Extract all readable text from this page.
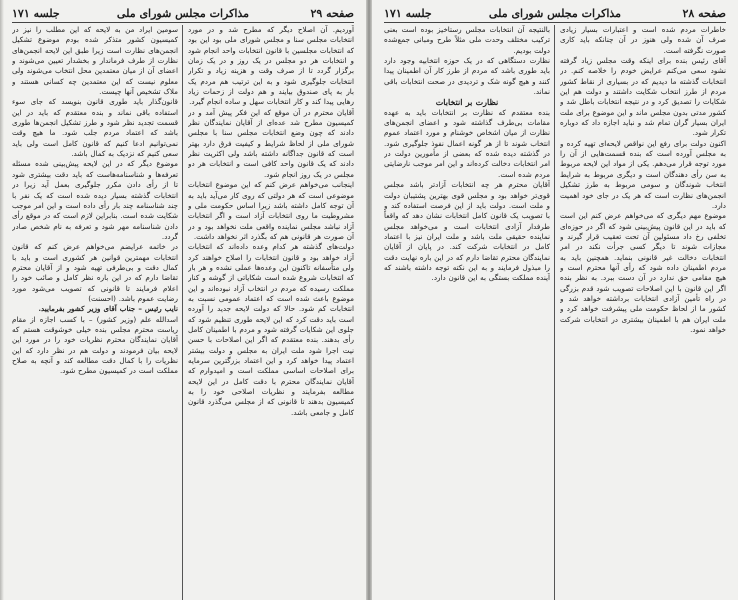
صفحه ۲۹
مذاکرات مجلس شورای ملی
جلسه ۱۷۱

آوردیم. آن اصلاح دیگر که مطرح شد و در مورد انتخابات مجلس سنا و مجلس شورای ملی بود این بود که انتخابات مجلسین با قانون انتخابات واحد انجام شود و انتخابات هر دو مجلس در یک روز و در یک زمان برگزار گردد تا از صرف وقت و هزینه زیاد و تکرار انتخابات جلوگیری شود و به این ترتیب هم مردم یک بار به پای صندوق بیایند و هم دولت از زحمات زیاد رهایی پیدا کند و کار انتخابات سهل و ساده انجام گیرد.

آقایان محترم در آن موقع که این فکر پیش آمد و در کمیسیون مطرح شد عده‌ای از آقایان نمایندگان نظر دادند که چون وضع انتخابات مجلس سنا با مجلس شورای ملی از لحاظ شرایط و کیفیت فرق دارد بهتر است که قانون جداگانه داشته باشد ولی اکثریت نظر دادند که یک قانون واحد کافی است و انتخابات هر دو مجلس در یک روز انجام شود.

اینجانب می‌خواهم عرض کنم که این موضوع انتخابات موضوعی است که هر دولتی که روی کار می‌آید باید به آن توجه کامل داشته باشد زیرا اساس حکومت ملی و مشروطیت ما روی انتخابات آزاد است و اگر انتخابات آزاد نباشد مجلس نماینده واقعی ملت نخواهد بود و در آن صورت هر قانونی هم که بگذرد اثر نخواهد داشت.

دولت‌های گذشته هر کدام وعده داده‌اند که انتخابات آزاد خواهد بود و قانون انتخابات را اصلاح خواهند کرد ولی متأسفانه تاکنون این وعده‌ها عملی نشده و هر بار که انتخابات شروع شده است شکایاتی از گوشه و کنار مملکت رسیده که مردم در انتخاب آزاد نبوده‌اند و این موضوع باعث شده است که اعتماد عمومی نسبت به انتخابات کم شود. حالا که دولت لایحه جدید را آورده است باید دقت کرد که این لایحه طوری تنظیم شود که جلوی این شکایات گرفته شود و مردم با اطمینان کامل رأی بدهند. بنده معتقدم که اگر این اصلاحات با حسن نیت اجرا شود ملت ایران به مجلس و دولت بیشتر اعتماد پیدا خواهد کرد و این اعتماد بزرگترین سرمایه برای اصلاحات اساسی مملکت است و امیدوارم که آقایان نمایندگان محترم با دقت کامل در این لایحه مطالعه بفرمایند و نظریات اصلاحی خود را به کمیسیون بدهند تا قانونی که از مجلس می‌گذرد قانون کامل و جامعی باشد.

سومین ایراد من به لایحه که این مطلب را نیز در کمیسیون کشور متذکر شده بودم موضوع تشکیل انجمن‌های نظارت است زیرا طبق این لایحه انجمن‌های نظارت از طرف فرماندار و بخشدار تعیین می‌شوند و اعضای آن از میان معتمدین محل انتخاب می‌شوند ولی معلوم نیست که این معتمدین چه کسانی هستند و ملاک تشخیص آنها چیست.

قانون‌گذار باید طوری قانون بنویسد که جای سوء استفاده باقی نماند و بنده معتقدم که باید در این قسمت تجدید نظر شود و طرز تشکیل انجمن‌ها طوری باشد که اعتماد مردم جلب شود. ما هیچ وقت نمی‌توانیم ادعا کنیم که قانون کامل است ولی باید سعی کنیم که نزدیک به کمال باشد.

موضوع دیگر که در این لایحه پیش‌بینی شده مسئله تعرفه‌ها و شناسنامه‌هاست که باید دقت بیشتری شود تا از رأی دادن مکرر جلوگیری بعمل آید زیرا در انتخابات گذشته بسیار دیده شده است که یک نفر با چند شناسنامه چند بار رأی داده است و این امر موجب شکایت شده است. بنابراین لازم است که در موقع رأی دادن شناسنامه مهر شود و تعرفه به نام شخص صادر گردد.

در خاتمه عرایضم می‌خواهم عرض کنم که قانون انتخابات مهمترین قوانین هر کشوری است و باید با کمال دقت و بی‌طرفی تهیه شود و از آقایان محترم تقاضا دارم که در این باره نظر کامل و صائب خود را اعلام فرمایند تا قانونی که تصویب می‌شود مورد رضایت عموم باشد. (احسنت)

نایب رئیس – جناب آقای وزیر کشور بفرمایید.

اسدالله علم (وزیر کشور) – با کسب اجازه از مقام ریاست محترم مجلس بنده خیلی خوشوقت هستم که آقایان نمایندگان محترم نظریات خود را در مورد این لایحه بیان فرمودند و دولت هم در نظر دارد که این نظریات را با کمال دقت مطالعه کند و آنچه به صلاح مملکت است در کمیسیون مطرح شود.

صفحه ۲۸
مذاکرات مجلس شورای ملی
جلسه ۱۷۱

خاطرات مردم شده است و اعتبارات بسیار زیادی صرف آن شده ولی هنوز در آن چنانکه باید کاری صورت نگرفته است.

آقای رئیس بنده برای اینکه وقت مجلس زیاد گرفته نشود سعی می‌کنم عرایض خودم را خلاصه کنم. در انتخابات گذشته ما دیدیم که در بسیاری از نقاط کشور مردم از طرز انتخاب شکایت داشتند و دولت هم این شکایات را تصدیق کرد و در نتیجه انتخابات باطل شد و کشور مدتی بدون مجلس ماند و این موضوع برای ملت ایران بسیار گران تمام شد و نباید اجازه داد که دوباره تکرار شود.

اکنون دولت برای رفع این نواقص لایحه‌ای تهیه کرده و به مجلس آورده است که بنده قسمت‌هایی از آن را مورد توجه قرار می‌دهم. یکی از مواد این لایحه مربوط به سن رأی دهندگان است و دیگری مربوط به شرایط انتخاب شوندگان و سومی مربوط به طرز تشکیل انجمن‌های نظارت است که هر یک در جای خود اهمیت دارد.

موضوع مهم دیگری که می‌خواهم عرض کنم این است که باید در این قانون پیش‌بینی شود که اگر در حوزه‌ای تخلفی رخ داد مسئولین آن تحت تعقیب قرار گیرند و مجازات شوند تا دیگر کسی جرأت نکند در امر انتخابات دخالت غیر قانونی بنماید. همچنین باید به مردم اطمینان داده شود که رأی آنها محترم است و هیچ مقامی حق ندارد در آن دست ببرد. به نظر بنده اگر این قانون با این اصلاحات تصویب شود قدم بزرگی در راه تأمین آزادی انتخابات برداشته خواهد شد و کشور ما از لحاظ حکومت ملی پیشرفت خواهد کرد و ملت ایران هم با اطمینان بیشتری در انتخابات شرکت خواهد نمود.

بالنتیجه آن انتخابات مجلس رستاخیز بوده است بعنی ترکیب مختلف وحدت ملی مثلاً طرح ومبانی جمع‌شده دولت بودیم.

نظارت دستگاهی که در یک حوزه انتخابیه وجود دارد باید طوری باشد که مردم از طرز کار آن اطمینان پیدا کنند و هیچ گونه شک و تردیدی در صحت انتخابات باقی نماند.

نظارت بر انتخابات

بنده معتقدم که نظارت بر انتخابات باید به عهده مقامات بی‌طرف گذاشته شود و اعضای انجمن‌های نظارت از میان اشخاص خوشنام و مورد اعتماد عموم انتخاب شوند تا از هر گونه اعمال نفوذ جلوگیری شود. در گذشته دیده شده که بعضی از مأمورین دولت در امر انتخابات دخالت کرده‌اند و این امر موجب نارضایتی مردم شده است.

آقایان محترم هر چه انتخابات آزادتر باشد مجلس قوی‌تر خواهد بود و مجلس قوی بهترین پشتیبان دولت و ملت است. دولت باید از این فرصت استفاده کند و با تصویب یک قانون کامل انتخابات نشان دهد که واقعاً طرفدار آزادی انتخابات است و می‌خواهد مجلس نماینده حقیقی ملت باشد و ملت ایران نیز با اعتماد کامل در انتخابات شرکت کند. در پایان از آقایان نمایندگان محترم تقاضا دارم که در این باره نهایت دقت را مبذول فرمایند و به این نکته توجه داشته باشند که آینده مملکت بستگی به این قانون دارد.
